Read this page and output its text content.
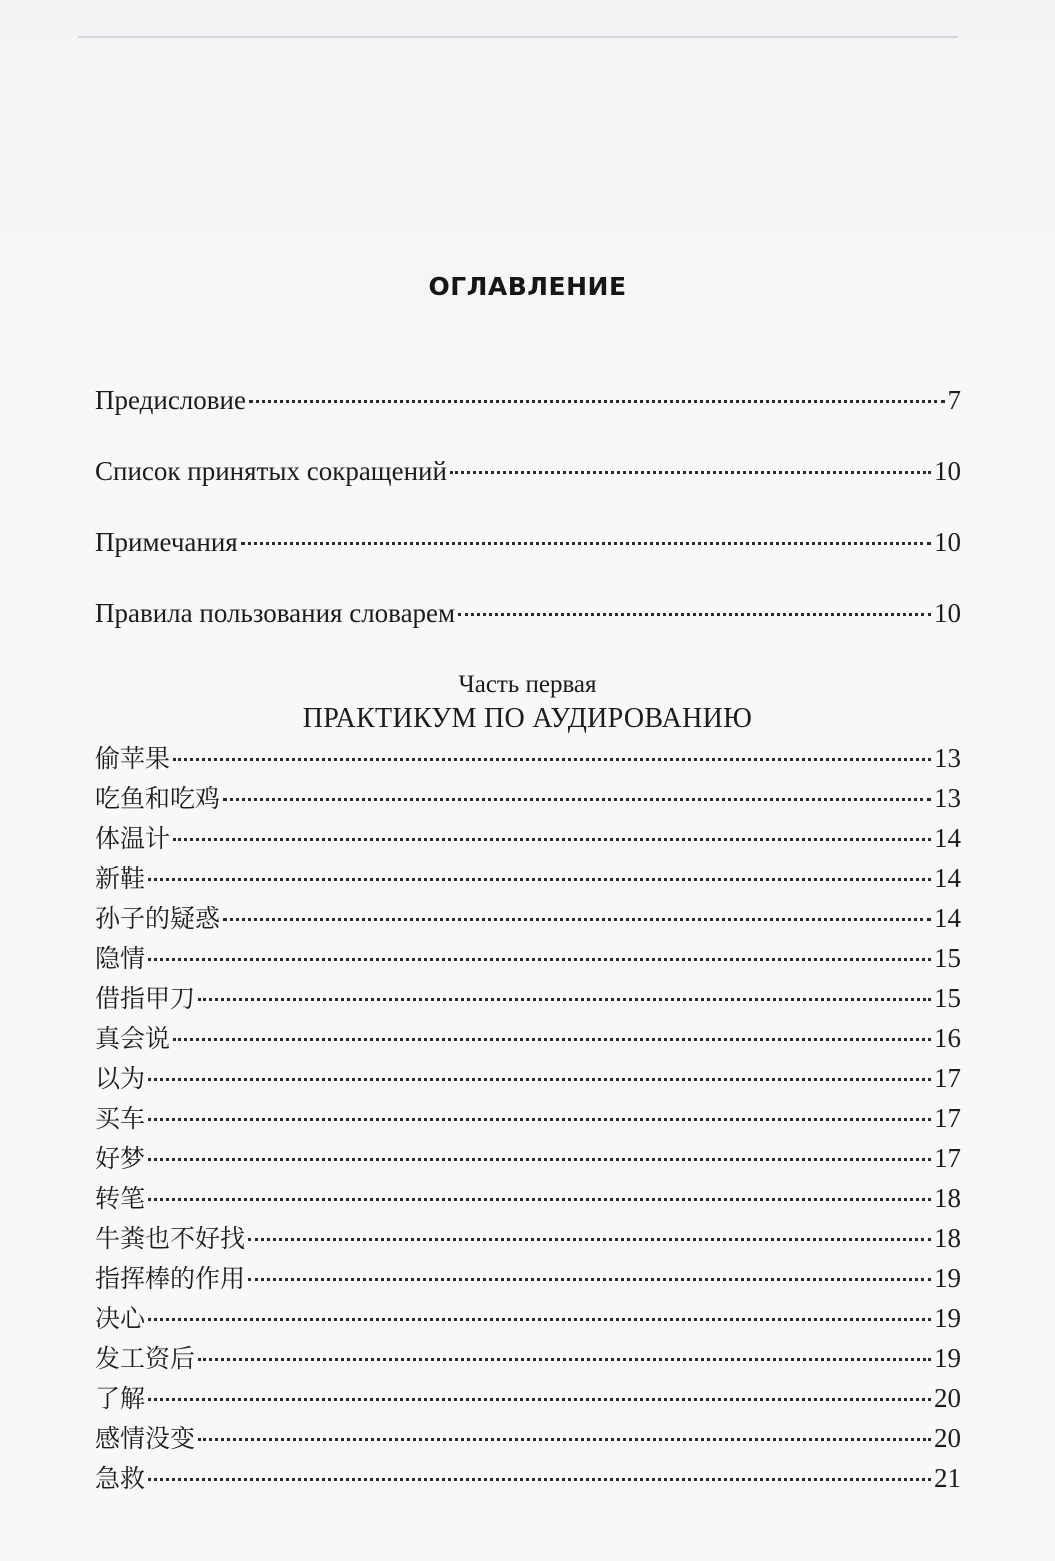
ОГЛАВЛЕНИЕ
Предисловие	7
Список принятых сокращений	10
Примечания	10
Правила пользования словарем	10
Часть первая
ПРАКТИКУМ ПО АУДИРОВАНИЮ
偷苹果	13
吃鱼和吃鸡	13
体温计	14
新鞋	14
孙子的疑惑	14
隐情	15
借指甲刀	15
真会说	16
以为	17
买车	17
好梦	17
转笔	18
牛粪也不好找	18
指挥棒的作用	19
决心	19
发工资后	19
了解	20
感情没变	20
急救	21
